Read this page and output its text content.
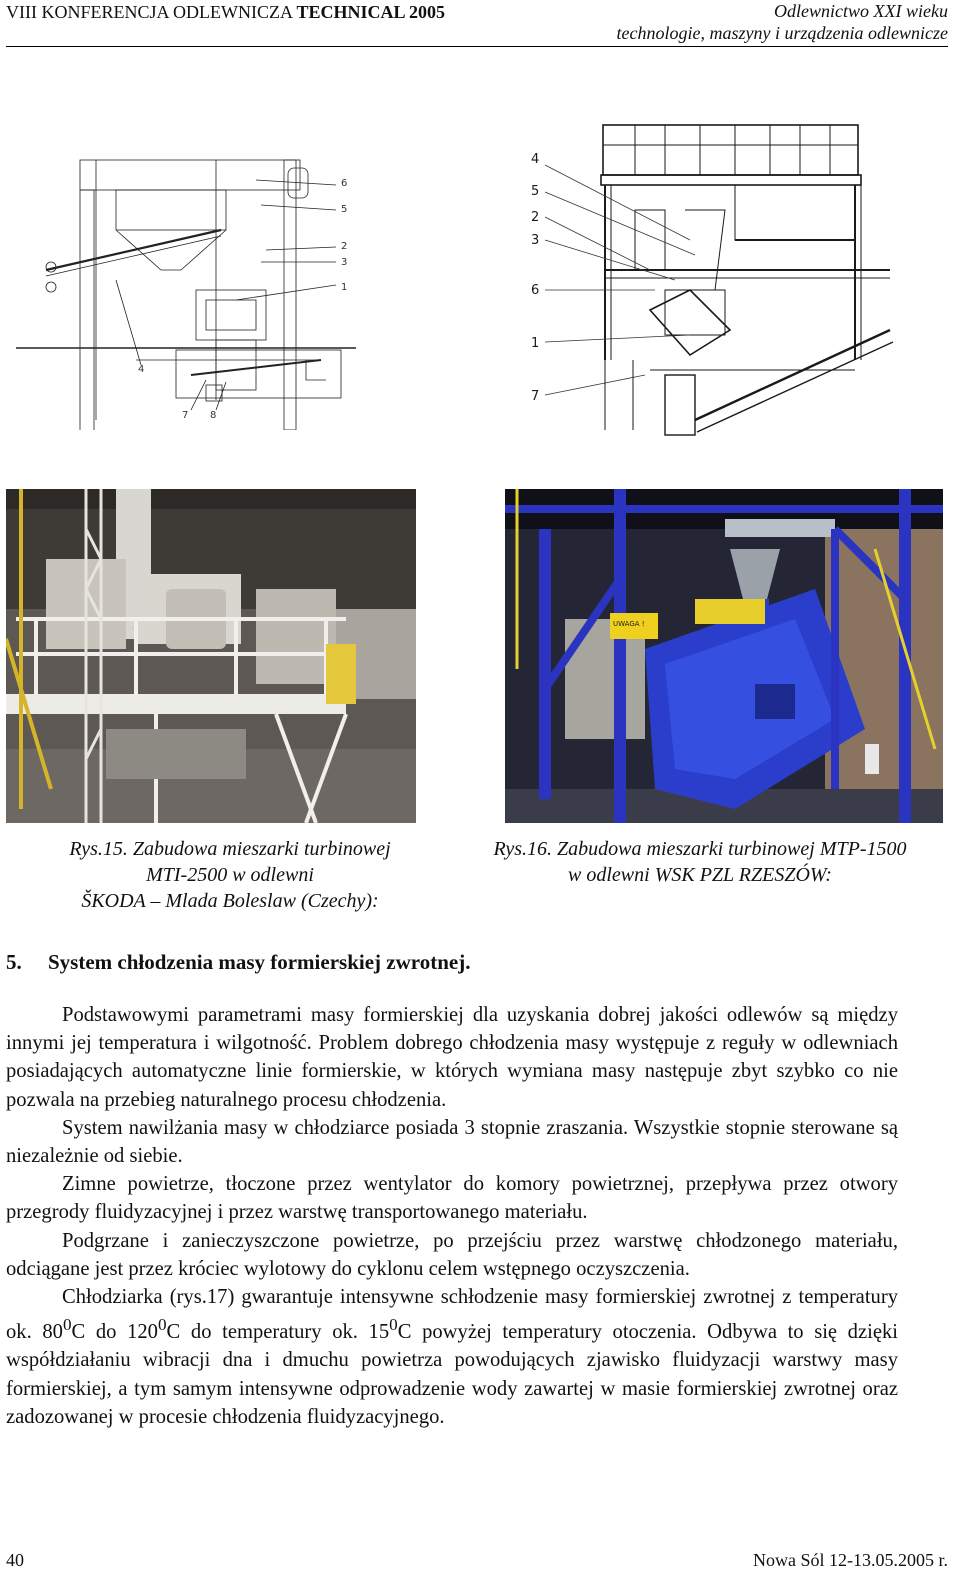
VIII KONFERENCJA ODLEWNICZA TECHNICAL 2005	Odlewnictwo XXI wieku
technologie, maszyny i urządzenia odlewnicze
6
5
2
3
1
4
7 8
4
5
2
3
6
1
7
UWAGA !
Rys.15. Zabudowa mieszarki turbinowej
MTI-2500 w odlewni
ŠKODA – Mlada Boleslaw (Czechy):
Rys.16. Zabudowa mieszarki turbinowej MTP-1500
w odlewni WSK PZL RZESZÓW:
5. System chłodzenia masy formierskiej zwrotnej.

Podstawowymi parametrami masy formierskiej dla uzyskania dobrej jakości odlewów są między innymi jej temperatura i wilgotność. Problem dobrego chłodzenia masy występuje z reguły w odlewniach posiadających automatyczne linie formierskie, w których wymiana masy następuje zbyt szybko co nie pozwala na przebieg naturalnego procesu chłodzenia.

System nawilżania masy w chłodziarce posiada 3 stopnie zraszania. Wszystkie stopnie sterowane są niezależnie od siebie.

Zimne powietrze, tłoczone przez wentylator do komory powietrznej, przepływa przez otwory przegrody fluidyzacyjnej i przez warstwę transportowanego materiału.

Podgrzane i zanieczyszczone powietrze, po przejściu przez warstwę chłodzonego materiału, odciągane jest przez króciec wylotowy do cyklonu celem wstępnego oczyszczenia.

Chłodziarka (rys.17) gwarantuje intensywne schłodzenie masy formierskiej zwrotnej z temperatury ok. $80^0C$ do $120^0C$ do temperatury ok. $15^0C$ powyżej temperatury otoczenia. Odbywa to się dzięki współdziałaniu wibracji dna i dmuchu powietrza powodujących zjawisko fluidyzacji warstwy masy formierskiej, a tym samym intensywne odprowadzenie wody zawartej w masie formierskiej zwrotnej oraz zadozowanej w procesie chłodzenia fluidyzacyjnego.

40	Nowa Sól 12-13.05.2005 r.
